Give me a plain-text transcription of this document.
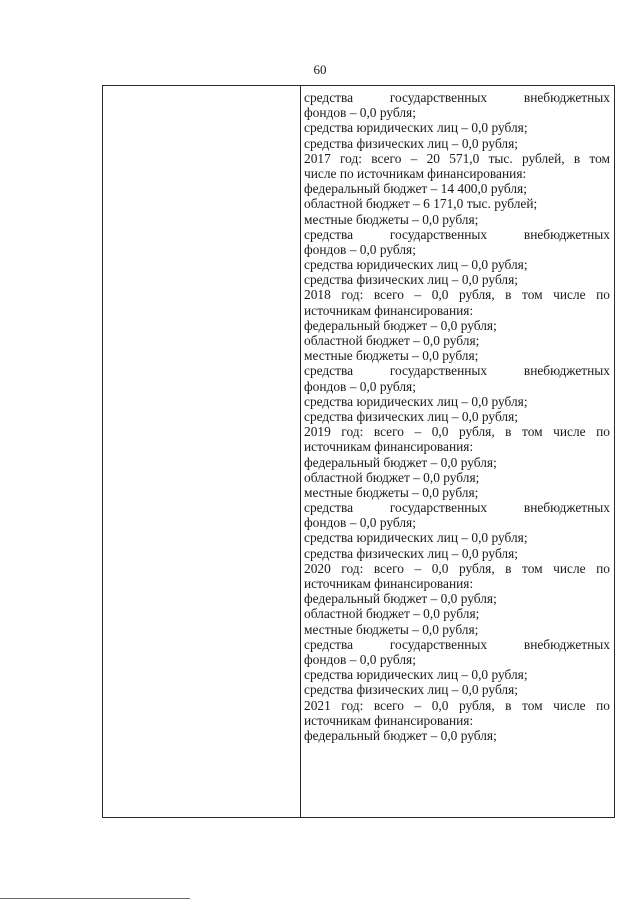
60
средства государственных внебюджетных
фондов – 0,0 рубля;
средства юридических лиц – 0,0 рубля;
средства физических лиц – 0,0 рубля;
2017 год: всего – 20 571,0 тыс. рублей, в том
числе по источникам финансирования:
федеральный бюджет – 14 400,0 рубля;
областной бюджет – 6 171,0 тыс. рублей;
местные бюджеты – 0,0 рубля;
средства государственных внебюджетных
фондов – 0,0 рубля;
средства юридических лиц – 0,0 рубля;
средства физических лиц – 0,0 рубля;
2018 год: всего – 0,0 рубля, в том числе по
источникам финансирования:
федеральный бюджет – 0,0 рубля;
областной бюджет – 0,0 рубля;
местные бюджеты – 0,0 рубля;
средства государственных внебюджетных
фондов – 0,0 рубля;
средства юридических лиц – 0,0 рубля;
средства физических лиц – 0,0 рубля;
2019 год: всего – 0,0 рубля, в том числе по
источникам финансирования:
федеральный бюджет – 0,0 рубля;
областной бюджет – 0,0 рубля;
местные бюджеты – 0,0 рубля;
средства государственных внебюджетных
фондов – 0,0 рубля;
средства юридических лиц – 0,0 рубля;
средства физических лиц – 0,0 рубля;
2020 год: всего – 0,0 рубля, в том числе по
источникам финансирования:
федеральный бюджет – 0,0 рубля;
областной бюджет – 0,0 рубля;
местные бюджеты – 0,0 рубля;
средства государственных внебюджетных
фондов – 0,0 рубля;
средства юридических лиц – 0,0 рубля;
средства физических лиц – 0,0 рубля;
2021 год: всего – 0,0 рубля, в том числе по
источникам финансирования:
федеральный бюджет – 0,0 рубля;
